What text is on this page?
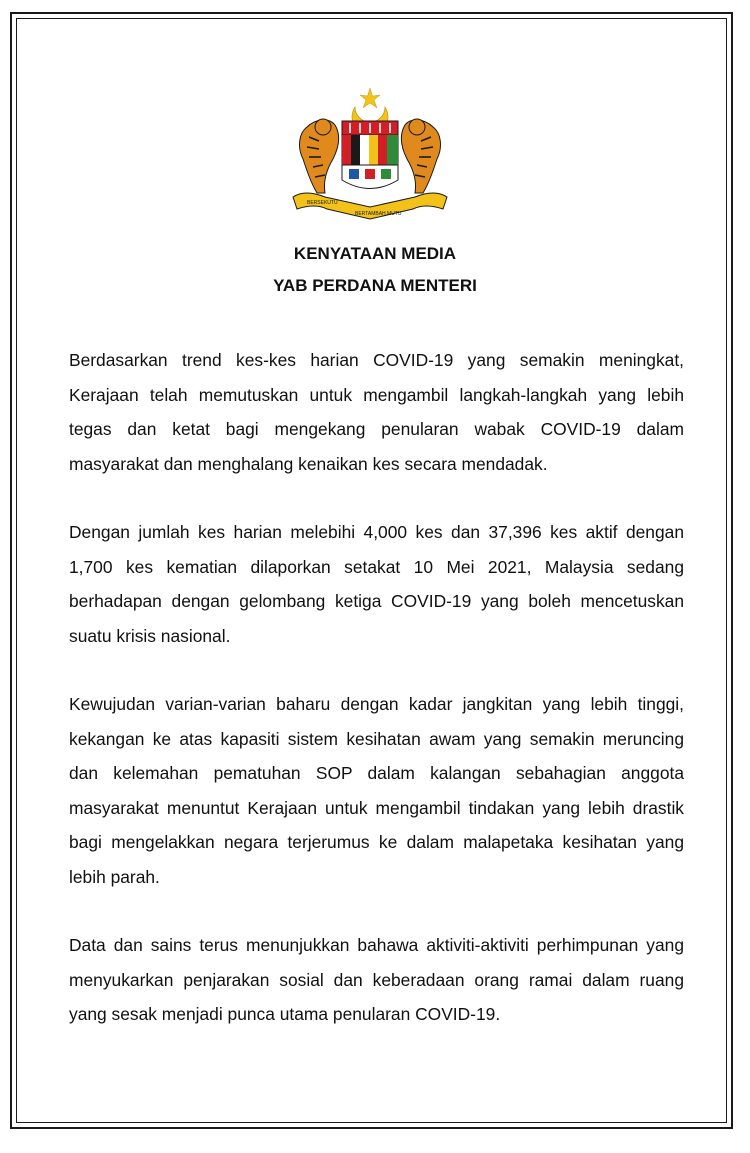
BERSEKUTU
BERTAMBAH MUTU
KENYATAAN MEDIA
YAB PERDANA MENTERI

Berdasarkan trend kes-kes harian COVID-19 yang semakin meningkat, Kerajaan telah memutuskan untuk mengambil langkah-langkah yang lebih tegas dan ketat bagi mengekang penularan wabak COVID-19 dalam masyarakat dan menghalang kenaikan kes secara mendadak.

Dengan jumlah kes harian melebihi 4,000 kes dan 37,396 kes aktif dengan 1,700 kes kematian dilaporkan setakat 10 Mei 2021, Malaysia sedang berhadapan dengan gelombang ketiga COVID-19 yang boleh mencetuskan suatu krisis nasional.

Kewujudan varian-varian baharu dengan kadar jangkitan yang lebih tinggi, kekangan ke atas kapasiti sistem kesihatan awam yang semakin meruncing dan kelemahan pematuhan SOP dalam kalangan sebahagian anggota masyarakat menuntut Kerajaan untuk mengambil tindakan yang lebih drastik bagi mengelakkan negara terjerumus ke dalam malapetaka kesihatan yang lebih parah.

Data dan sains terus menunjukkan bahawa aktiviti-aktiviti perhimpunan yang menyukarkan penjarakan sosial dan keberadaan orang ramai dalam ruang yang sesak menjadi punca utama penularan COVID-19.
